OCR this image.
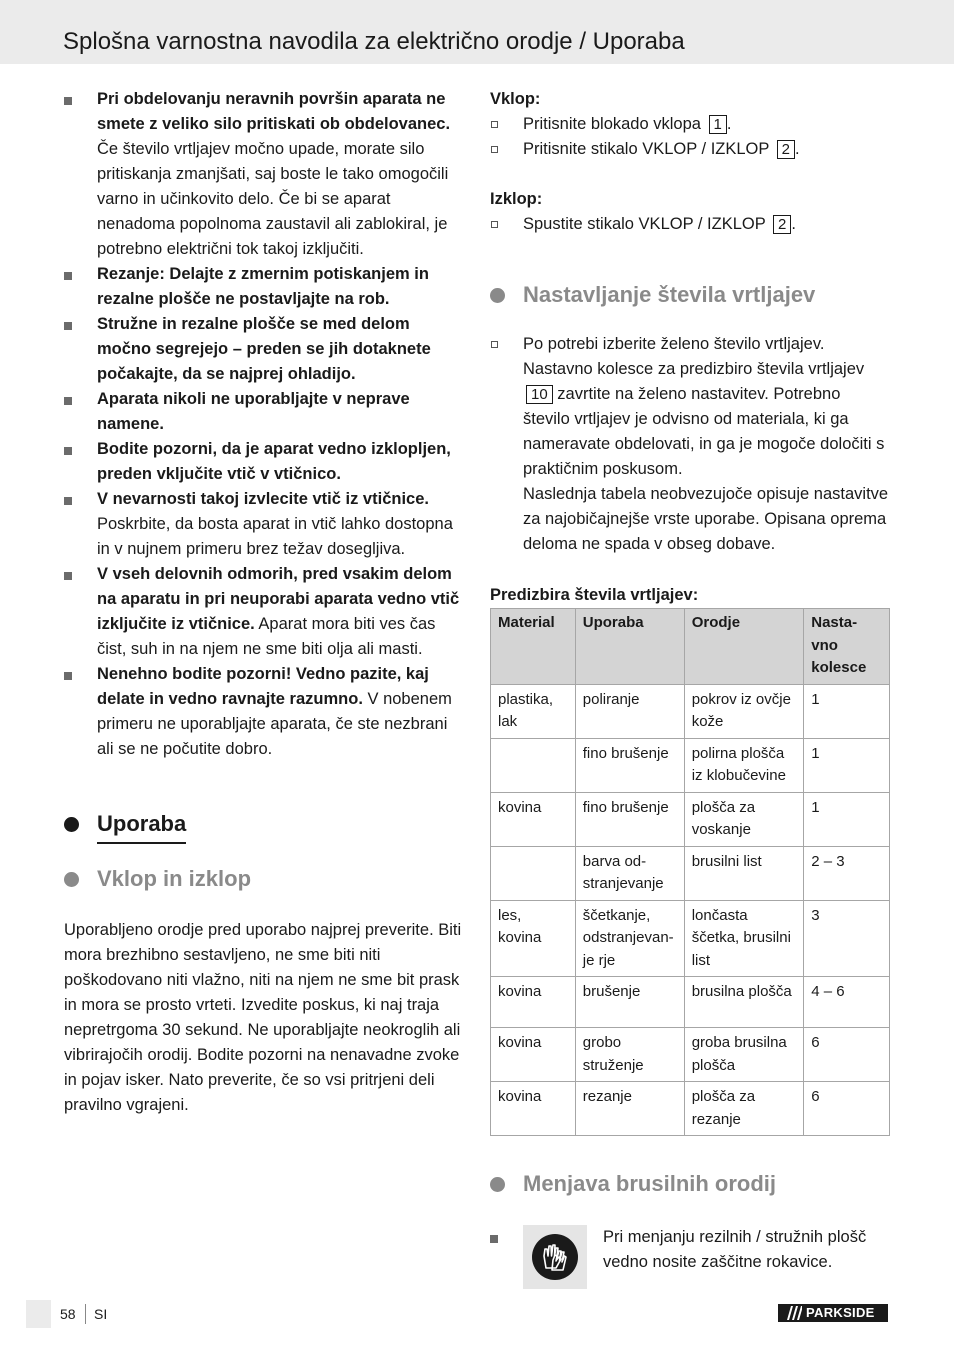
Splošna varnostna navodila za električno orodje / Uporaba
Pri obdelovanju neravnih površin aparata ne smete z veliko silo pritiskati ob obdelovanec. Če število vrtljajev močno upade, morate silo pritiskanja zmanjšati, saj boste le tako omogočili varno in učinkovito delo. Če bi se aparat nenadoma popolnoma zaustavil ali zablokiral, je potrebno električni tok takoj izključiti.
Rezanje: Delajte z zmernim potiskanjem in rezalne plošče ne postavljajte na rob.
Stružne in rezalne plošče se med delom močno segrejejo – preden se jih dotaknete počakajte, da se najprej ohladijo.
Aparata nikoli ne uporabljajte v neprave namene.
Bodite pozorni, da je aparat vedno izklopljen, preden vključite vtič v vtičnico.
V nevarnosti takoj izvlecite vtič iz vtičnice. Poskrbite, da bosta aparat in vtič lahko dostopna in v nujnem primeru brez težav dosegljiva.
V vseh delovnih odmorih, pred vsakim delom na aparatu in pri neuporabi aparata vedno vtič izključite iz vtičnice. Aparat mora biti ves čas čist, suh in na njem ne sme biti olja ali masti.
Nenehno bodite pozorni! Vedno pazite, kaj delate in vedno ravnajte razumno. V nobenem primeru ne uporabljajte aparata, če ste nezbrani ali se ne počutite dobro.
Uporaba
Vklop in izklop

Uporabljeno orodje pred uporabo najprej preverite. Biti mora brezhibno sestavljeno, ne sme biti niti poškodovano niti vlažno, niti na njem ne sme bit prask in mora se prosto vrteti. Izvedite poskus, ki naj traja nepretrgoma 30 sekund. Ne uporabljajte neokroglih ali vibrirajočih orodij. Bodite pozorni na nenavadne zvoke in pojav isker. Nato preverite, če so vsi pritrjeni deli pravilno vgrajeni.

Vklop:
Pritisnite blokado vklopa 1 .
Pritisnite stikalo VKLOP / IZKLOP 2 .
Izklop:
Spustite stikalo VKLOP / IZKLOP 2 .
Nastavljanje števila vrtljajev
Po potrebi izberite želeno število vrtljajev. Nastavno kolesce za predizbiro števila vrtljajev10 zavrtite na želeno nastavitev. Potrebno število vrtljajev je odvisno od materiala, ki ga nameravate obdelovati, in ga je mogoče določiti s praktičnim poskusom.
Naslednja tabela neobvezujoče opisuje nastavitve za najobičajnejše vrste uporabe. Opisana oprema deloma ne spada v obseg dobave.
Predizbira števila vrtljajev:
Material	Uporaba	Orodje	Nasta-vno kolesce
plastika, lak	poliranje	pokrov iz ovčje kože	1
	fino brušenje	polirna plošča iz klobučevine	1
kovina	fino brušenje	plošča za voskanje	1
	barva od-stranjevanje	brusilni list	2 – 3
les, kovina	ščetkanje, odstranjevan-je rje	lončasta ščetka, brusilni list	3
kovina	brušenje	brusilna plošča	4 – 6
kovina	grobo struženje	groba brusilna plošča	6
kovina	rezanje	plošča za rezanje	6
Menjava brusilnih orodij
Pri menjanju rezilnih / stružnih plošč vedno nosite zaščitne rokavice.
58 SI	PARKSIDE
